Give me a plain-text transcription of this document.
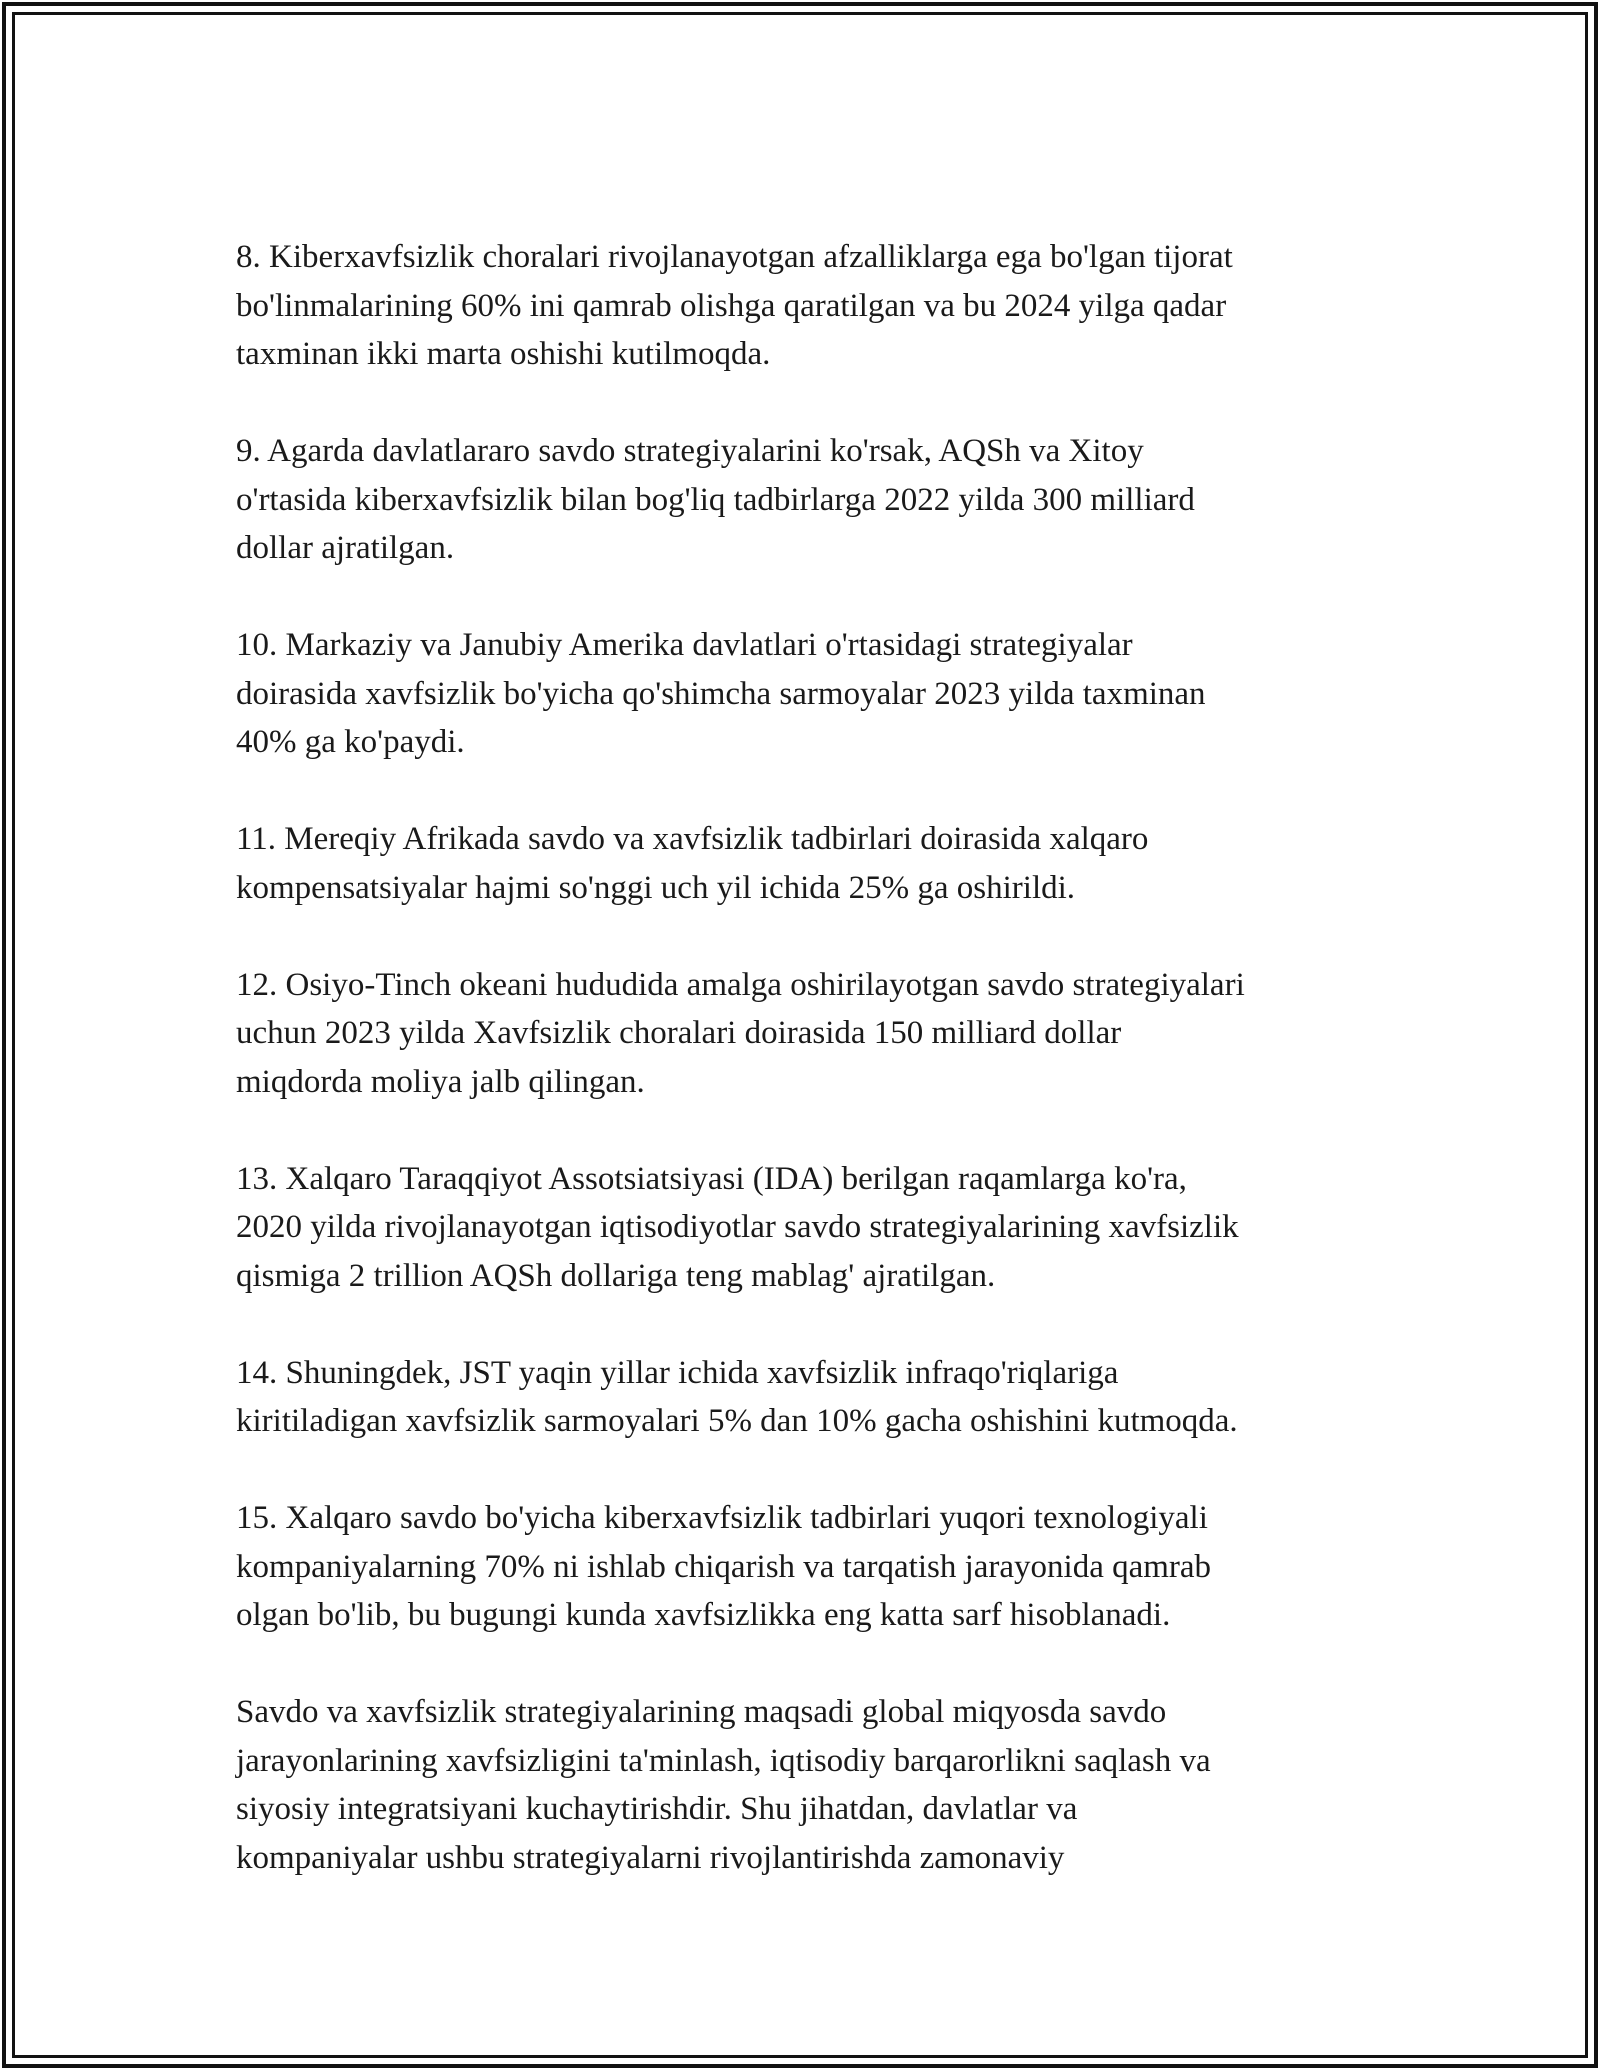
8. Kiberxavfsizlik choralari rivojlanayotgan afzalliklarga ega bo'lgan tijorat
bo'linmalarining 60% ini qamrab olishga qaratilgan va bu 2024 yilga qadar
taxminan ikki marta oshishi kutilmoqda.
9. Agarda davlatlararo savdo strategiyalarini ko'rsak, AQSh va Xitoy
o'rtasida kiberxavfsizlik bilan bog'liq tadbirlarga 2022 yilda 300 milliard
dollar ajratilgan.
10. Markaziy va Janubiy Amerika davlatlari o'rtasidagi strategiyalar
doirasida xavfsizlik bo'yicha qo'shimcha sarmoyalar 2023 yilda taxminan
40% ga ko'paydi.
11. Mereqiy Afrikada savdo va xavfsizlik tadbirlari doirasida xalqaro
kompensatsiyalar hajmi so'nggi uch yil ichida 25% ga oshirildi.
12. Osiyo-Tinch okeani hududida amalga oshirilayotgan savdo strategiyalari
uchun 2023 yilda Xavfsizlik choralari doirasida 150 milliard dollar
miqdorda moliya jalb qilingan.
13. Xalqaro Taraqqiyot Assotsiatsiyasi (IDA) berilgan raqamlarga ko'ra,
2020 yilda rivojlanayotgan iqtisodiyotlar savdo strategiyalarining xavfsizlik
qismiga 2 trillion AQSh dollariga teng mablag' ajratilgan.
14. Shuningdek, JST yaqin yillar ichida xavfsizlik infraqo'riqlariga
kiritiladigan xavfsizlik sarmoyalari 5% dan 10% gacha oshishini kutmoqda.
15. Xalqaro savdo bo'yicha kiberxavfsizlik tadbirlari yuqori texnologiyali
kompaniyalarning 70% ni ishlab chiqarish va tarqatish jarayonida qamrab
olgan bo'lib, bu bugungi kunda xavfsizlikka eng katta sarf hisoblanadi.
Savdo va xavfsizlik strategiyalarining maqsadi global miqyosda savdo
jarayonlarining xavfsizligini ta'minlash, iqtisodiy barqarorlikni saqlash va
siyosiy integratsiyani kuchaytirishdir. Shu jihatdan, davlatlar va
kompaniyalar ushbu strategiyalarni rivojlantirishda zamonaviy
